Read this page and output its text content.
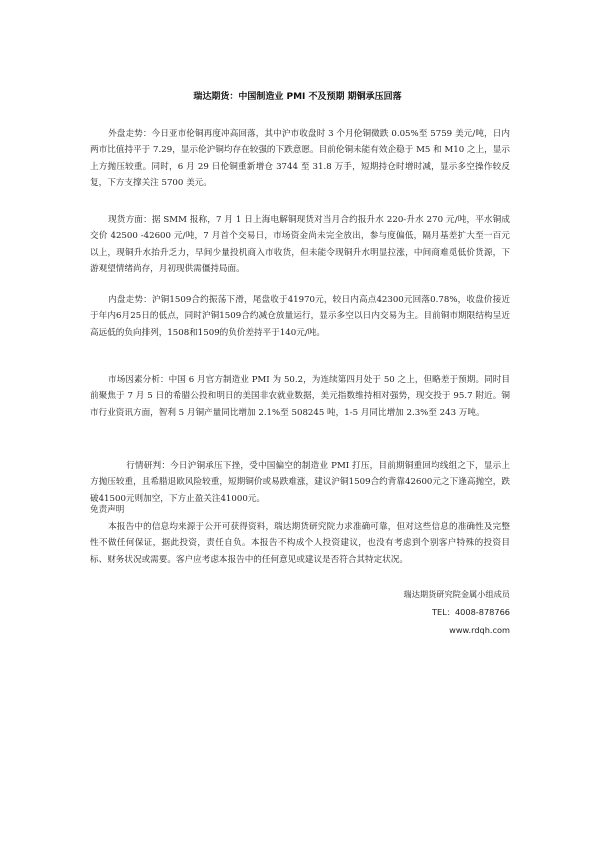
瑞达期货：中国制造业 PMI 不及预期 期铜承压回落
外盘走势：今日亚市伦铜再度冲高回落，其中沪市收盘时 3 个月伦铜微跌 0.05%至 5759 美元/吨，日内两市比值持平于 7.29，显示伦沪铜均存在较强的下跌意愿。目前伦铜未能有效企稳于 M5 和 M10 之上，显示上方抛压较重。同时，6 月 29 日伦铜重新增仓 3744 至 31.8 万手，短期持仓时增时减，显示多空操作较反复，下方支撑关注 5700 美元。
现货方面：据 SMM 报称，7 月 1 日上海电解铜现货对当月合约报升水 220-升水 270 元/吨，平水铜成交价 42500 -42600 元/吨，7 月首个交易日，市场资金尚未完全放出，参与度偏低，隔月基差扩大至一百元以上，现铜升水抬升乏力，早间少量投机商入市收货，但未能令现铜升水明显拉涨，中间商难觅低价货源，下游观望情绪尚存，月初现供需僵持局面。
内盘走势：沪铜1509合约振荡下滑，尾盘收于41970元，较日内高点42300元回落0.78%，收盘价接近于年内6月25日的低点，同时沪铜1509合约减仓放量运行，显示多空以日内交易为主。目前铜市期限结构呈近高远低的负向排列，1508和1509的负价差持平于140元/吨。
市场因素分析：中国 6 月官方制造业 PMI 为 50.2，为连续第四月处于 50 之上，但略差于预期。同时目前聚焦于 7 月 5 日的希腊公投和明日的美国非农就业数据，美元指数维持相对强势，现交投于 95.7 附近。铜市行业资讯方面，智利 5 月铜产量同比增加 2.1%至 508245 吨，1-5 月同比增加 2.3%至 243 万吨。
行情研判：今日沪铜承压下挫，受中国偏空的制造业 PMI 打压，目前期铜重回均线组之下，显示上方抛压较重，且希腊退欧风险较重，短期铜价或易跌难涨，建议沪铜1509合约背靠42600元之下逢高抛空，跌破41500元则加空，下方止盈关注41000元。
免责声明
本报告中的信息均来源于公开可获得资料，瑞达期货研究院力求准确可靠，但对这些信息的准确性及完整性不做任何保证，据此投资，责任自负。本报告不构成个人投资建议，也没有考虑到个别客户特殊的投资目标、财务状况或需要。客户应考虑本报告中的任何意见或建议是否符合其特定状况。
瑞达期货研究院金属小组成员
TEL：4008-878766
www.rdqh.com
